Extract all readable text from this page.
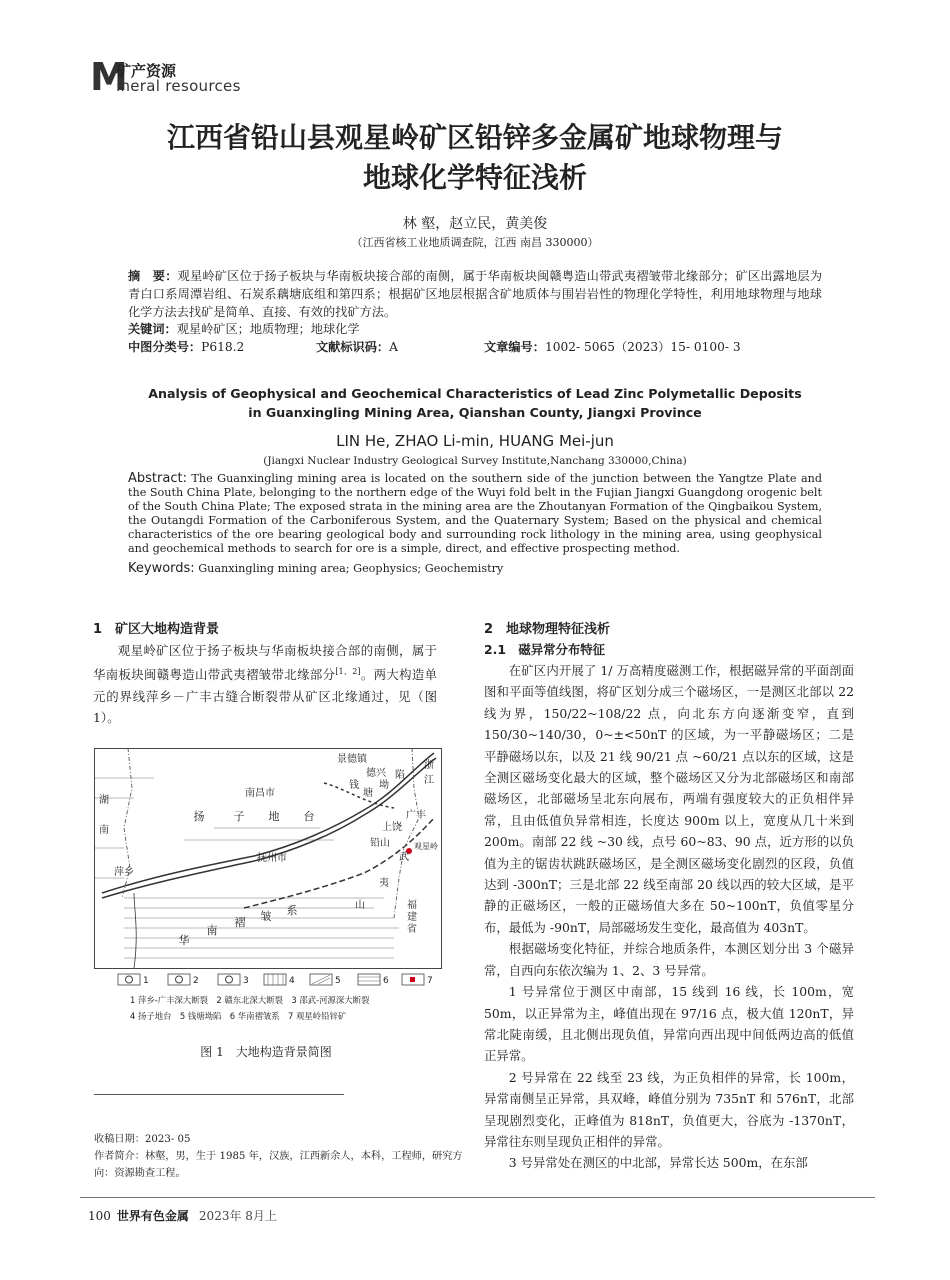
M
矿产资源
ineral resources
江西省铅山县观星岭矿区铅锌多金属矿地球物理与
地球化学特征浅析
林 壑，赵立民，黄美俊
（江西省核工业地质调查院，江西 南昌 330000）
摘　要：观星岭矿区位于扬子板块与华南板块接合部的南侧，属于华南板块闽赣粤造山带武夷褶皱带北缘部分；矿区出露地层为青白口系周潭岩组、石炭系藕塘底组和第四系；根据矿区地层根据含矿地质体与围岩岩性的物理化学特性，利用地球物理与地球化学方法去找矿是简单、直接、有效的找矿方法。
关键词：观星岭矿区；地质物理；地球化学
中图分类号： P618.2	文献标识码： A	文章编号： 1002- 5065（2023）15- 0100- 3
Analysis of Geophysical and Geochemical Characteristics of Lead Zinc Polymetallic Deposits
in Guanxingling Mining Area, Qianshan County, Jiangxi Province
LIN He, ZHAO Li-min, HUANG Mei-jun
(Jiangxi Nuclear Industry Geological Survey Institute,Nanchang 330000,China)
Abstract: The Guanxingling mining area is located on the southern side of the junction between the Yangtze Plate and the South China Plate, belonging to the northern edge of the Wuyi fold belt in the Fujian Jiangxi Guangdong orogenic belt of the South China Plate; The exposed strata in the mining area are the Zhoutanyan Formation of the Qingbaikou System, the Outangdi Formation of the Carboniferous System, and the Quaternary System; Based on the physical and chemical characteristics of the ore bearing geological body and surrounding rock lithology in the mining area, using geophysical and geochemical methods to search for ore is a simple, direct, and effective prospecting method.
Keywords: Guanxingling mining area; Geophysics; Geochemistry
1　矿区大地构造背景

观星岭矿区位于扬子板块与华南板块接合部的南侧，属于华南板块闽赣粤造山带武夷褶皱带北缘部分[1、2]。两大构造单元的界线萍乡－广丰古缝合断裂带从矿区北缘通过，见（图 1）。

湖
南
萍乡
南昌市
抚州市
景德镇
德兴
上饶
铅山	观星岭
浙
江
福
建
省
扬	子 地 台
华
南
褶 皱 系
钱
塘
坳
陷
广丰
武
夷
山
1	2	3	4	5	6	7
1 萍乡-广丰深大断裂　2 赣东北深大断裂　3 邵武-河源深大断裂
4 扬子地台　5 钱塘坳陷　6 华南褶皱系　7 观星岭铅锌矿
图 1　大地构造背景简图
2　地球物理特征浅析
2.1　磁异常分布特征

在矿区内开展了 1/ 万高精度磁测工作，根据磁异常的平面剖面图和平面等值线图，将矿区划分成三个磁场区，一是测区北部以 22 线为界，150/22~108/22 点，向北东方向逐渐变窄，直到 150/30~140/30，0~±<50nT 的区域，为一平静磁场区；二是平静磁场以东，以及 21 线 90/21 点 ~60/21 点以东的区域，这是全测区磁场变化最大的区域，整个磁场区又分为北部磁场区和南部磁场区，北部磁场呈北东向展布，两端有强度较大的正负相伴异常，且由低值负异常相连，长度达 900m 以上，宽度从几十米到 200m。南部 22 线 ~30 线，点号 60~83、90 点，近方形的以负值为主的锯齿状跳跃磁场区，是全测区磁场变化剧烈的区段，负值达到 -300nT；三是北部 22 线至南部 20 线以西的较大区域，是平静的正磁场区，一般的正磁场值大多在 50~100nT，负值零星分布，最低为 -90nT，局部磁场发生变化，最高值为 403nT。

根据磁场变化特征，并综合地质条件，本测区划分出 3 个磁异常，自西向东依次编为 1、2、3 号异常。

1 号异常位于测区中南部，15 线到 16 线，长 100m，宽 50m，以正异常为主，峰值出现在 97/16 点，极大值 120nT，异常北陡南缓，且北侧出现负值，异常向西出现中间低两边高的低值正异常。

2 号异常在 22 线至 23 线，为正负相伴的异常，长 100m，异常南侧呈正异常，具双峰，峰值分别为 735nT 和 576nT，北部呈现剧烈变化，正峰值为 818nT，负值更大，谷底为 -1370nT，异常往东则呈现负正相伴的异常。

3 号异常处在测区的中北部，异常长达 500m，在东部

收稿日期：2023- 05
作者简介：林壑，男，生于 1985 年，汉族，江西新余人，本科，工程师，研究方向：资源勘查工程。
100 世界有色金属 2023年 8月上
